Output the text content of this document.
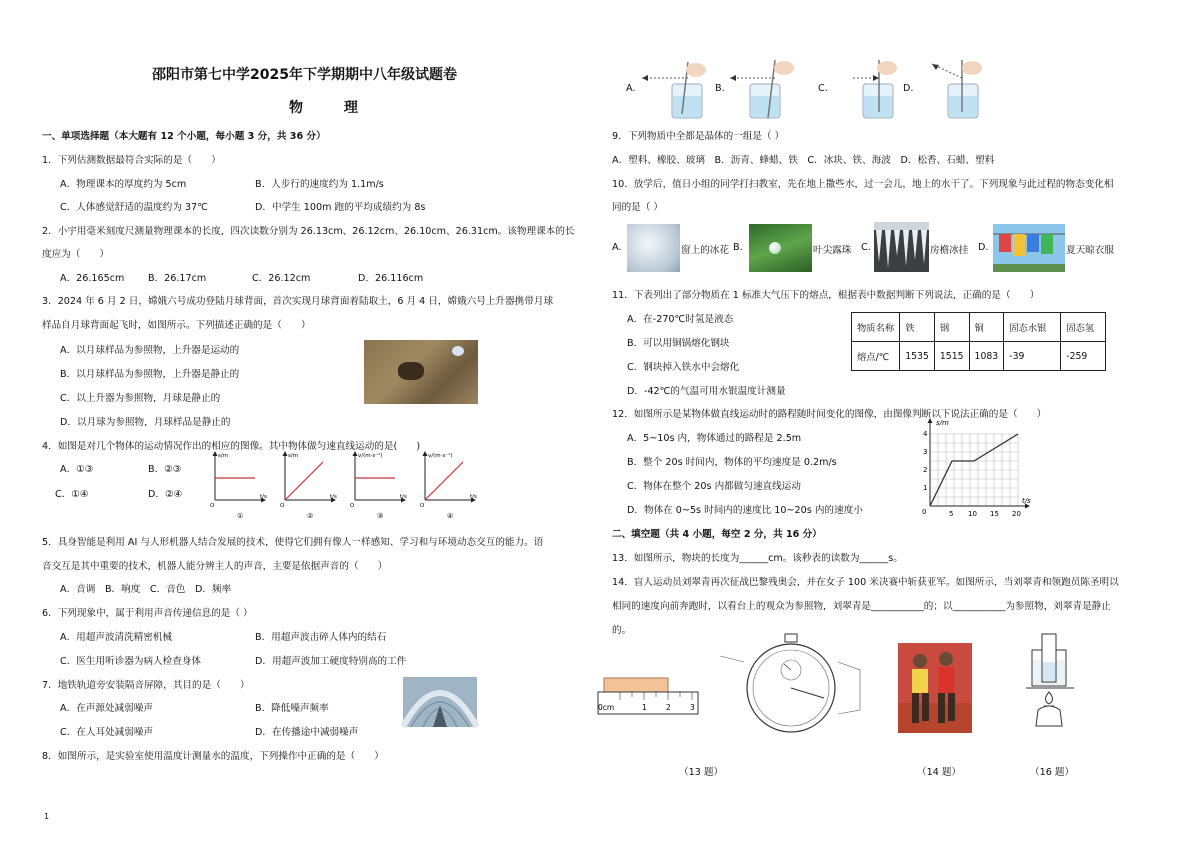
邵阳市第七中学2025年下学期期中八年级试题卷
物 理
一、单项选择题（本大题有 12 个小题，每小题 3 分，共 36 分）
1．下列估测数据最符合实际的是（　　）
A．物理课本的厚度约为 5cm	B．人步行的速度约为 1.1m/s
C．人体感觉舒适的温度约为 37℃	D．中学生 100m 跑的平均成绩约为 8s
2．小宇用毫米刻度尺测量物理课本的长度，四次读数分别为 26.13cm、26.12cm、26.10cm、26.31cm。该物理课本的长
度应为（　　）
A．26.165cm B．26.17cm	C．26.12cm	D．26.116cm
3．2024 年 6 月 2 日，嫦娥六号成功登陆月球背面，首次实现月球背面着陆取土，6 月 4 日，嫦娥六号上升器携带月球
样品自月球背面起飞时，如图所示。下列描述正确的是（　　）
A．以月球样品为参照物，上升器是运动的
B．以月球样品为参照物，上升器是静止的
C．以上升器为参照物，月球是静止的
D．以月球为参照物，月球样品是静止的
4．如图是对几个物体的运动情况作出的相应的图像。其中物体做匀速直线运动的是(　　)
A．①③	B．②③
C．①④	D．②④
s/m
t/s
O
①
s/m
t/s
O
②
v/(m·s⁻¹)
t/s
O
③
v/(m·s⁻¹)
t/s
O
④
5．具身智能是利用 AI 与人形机器人结合发展的技术，使得它们拥有像人一样感知、学习和与环境动态交互的能力。语
音交互是其中重要的技术，机器人能分辨主人的声音，主要是依据声音的（　　）
A．音调　B．响度　C．音色　D．频率
6．下列现象中，属于利用声音传递信息的是（ ）
A．用超声波清洗精密机械	B．用超声波击碎人体内的结石
C．医生用听诊器为病人检查身体	D．用超声波加工硬度特别高的工件
7．地铁轨道旁安装隔音屏障，其目的是（　　）
A．在声源处减弱噪声	B．降低噪声频率
C．在人耳处减弱噪声	D．在传播途中减弱噪声
8．如图所示，是实验室使用温度计测量水的温度，下列操作中正确的是（　　）
1
A.	B.	C.	D.
9．下列物质中全都是晶体的一组是（ ）
A．塑料、橡胶、玻璃　B．沥青、蜂蜡、铁　C．冰块、铁、海波　D．松香、石蜡、塑料
10．放学后，值日小组的同学打扫教室，先在地上撒些水，过一会儿，地上的水干了。下列现象与此过程的物态变化相
同的是（ ）
A.	窗上的冰花 B.	叶尖露珠 C.	房檐冰挂 D.	夏天晾衣服
11．下表列出了部分物质在 1 标准大气压下的熔点，根据表中数据判断下列说法，正确的是（　　）
A．在-270℃时氢是液态
B．可以用铜锅熔化钢块
C．钢块掉入铁水中会熔化
D．-42℃的气温可用水银温度计测量
物质名称	铁	钢	铜	固态水银	固态氢
熔点/℃	1535	1515	1083	-39	-259
12．如图所示是某物体做直线运动时的路程随时间变化的图像，由图像判断以下说法正确的是（　　）
A．5~10s 内，物体通过的路程是 2.5m
B．整个 20s 时间内，物体的平均速度是 0.2m/s
C．物体在整个 20s 内都做匀速直线运动
D．物体在 0~5s 时间内的速度比 10~20s 内的速度小
s/m
t/s
0
1
2
3
4
5 10 15 20
二、填空题（共 4 小题，每空 2 分，共 16 分）
13．如图所示，物块的长度为______cm。该秒表的读数为______s。
14．盲人运动员刘翠青再次征战巴黎残奥会，并在女子 100 米决赛中斩获亚军。如图所示，当刘翠青和领跑员陈圣明以
相同的速度向前奔跑时，以看台上的观众为参照物，刘翠青是___________的；以___________为参照物，刘翠青是静止
的。
0cm	1	2	3
（13 题）	（14 题）	（16 题）
